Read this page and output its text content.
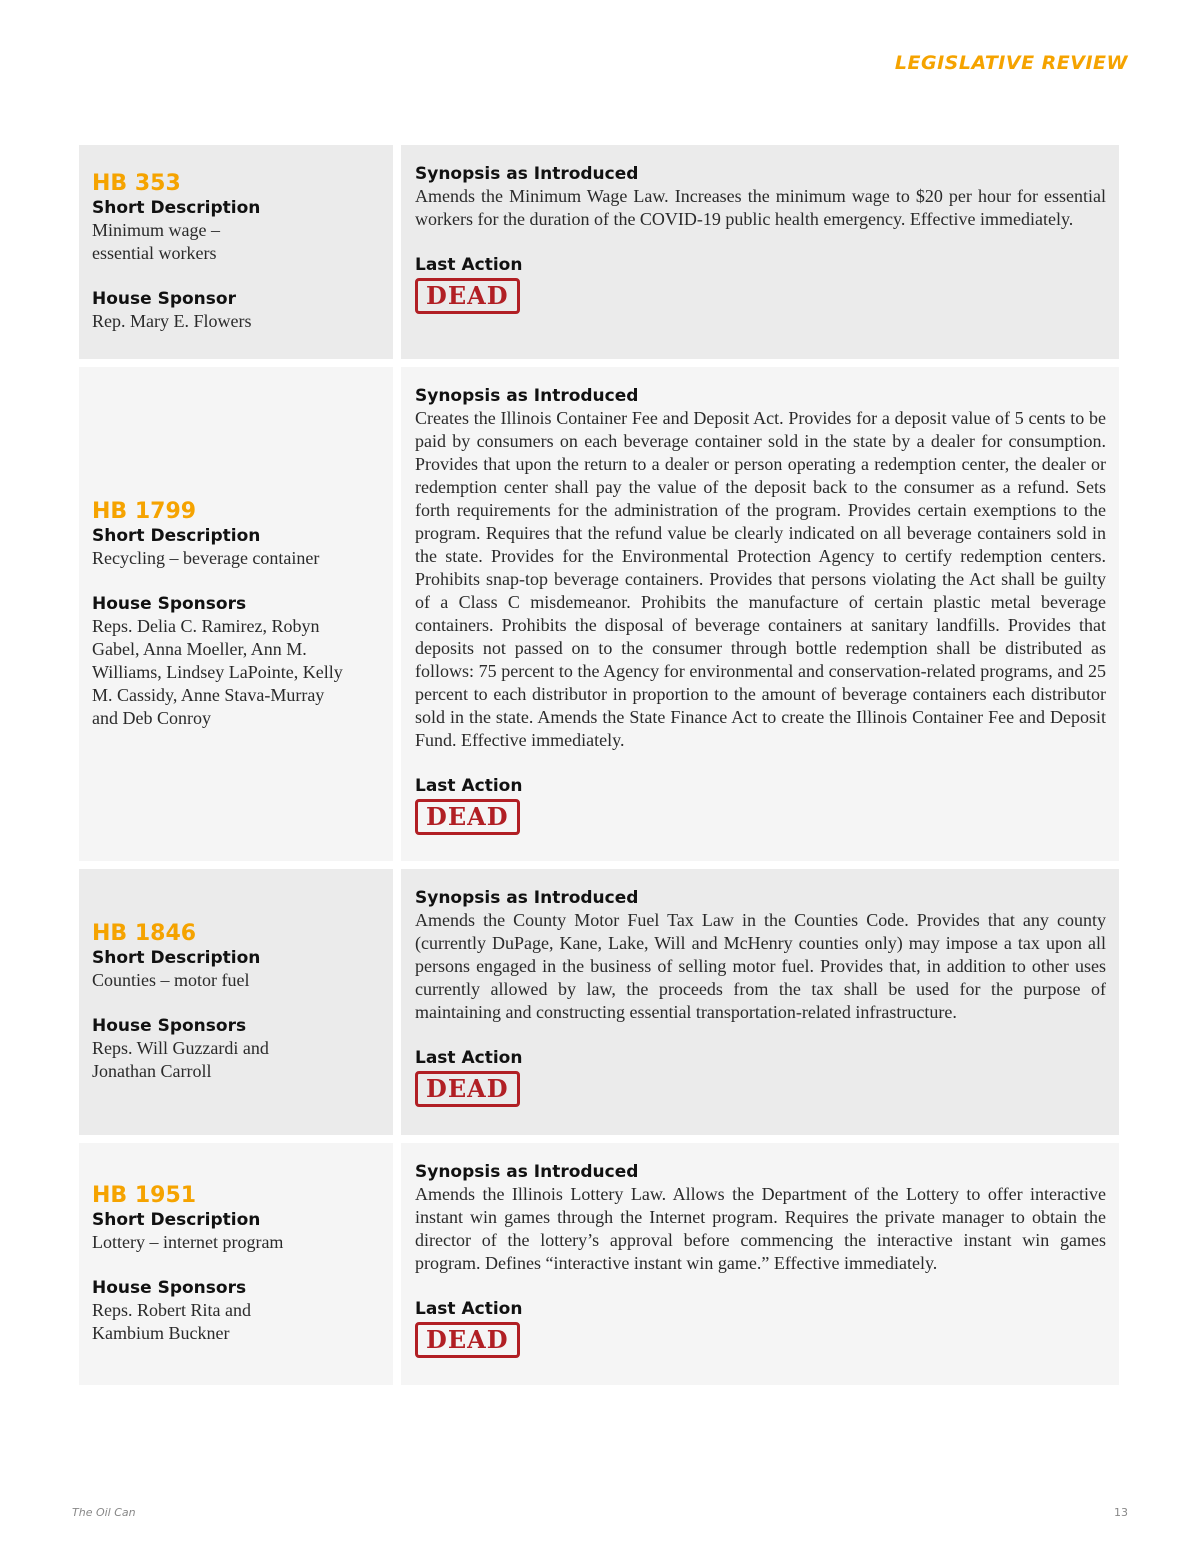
LEGISLATIVE REVIEW
HB 353
Short Description
Minimum wage –
essential workers
House Sponsor
Rep. Mary E. Flowers
Synopsis as Introduced
Amends the Minimum Wage Law. Increases the minimum wage to $20 per hour for essential workers for the duration of the COVID-19 public health emergency. Effective immediately.
Last Action
DEAD
HB 1799
Short Description
Recycling – beverage container
House Sponsors
Reps. Delia C. Ramirez, Robyn
Gabel, Anna Moeller, Ann M.
Williams, Lindsey LaPointe, Kelly
M. Cassidy, Anne Stava-Murray
and Deb Conroy
Synopsis as Introduced
Creates the Illinois Container Fee and Deposit Act. Provides for a deposit value of 5 cents to be paid by consumers on each beverage container sold in the state by a dealer for consumption. Provides that upon the return to a dealer or person operating a redemption center, the dealer or redemption center shall pay the value of the deposit back to the consumer as a refund. Sets forth requirements for the administration of the program. Provides certain exemptions to the program. Requires that the refund value be clearly indicated on all beverage containers sold in the state. Provides for the Environmental Protection Agency to certify redemption centers. Prohibits snap-top beverage containers. Provides that persons violating the Act shall be guilty of a Class C misdemeanor. Prohibits the manufacture of certain plastic metal beverage containers. Prohibits the disposal of beverage containers at sanitary landfills. Provides that deposits not passed on to the consumer through bottle redemption shall be distributed as follows: 75 percent to the Agency for environmental and conservation-related programs, and 25 percent to each distributor in proportion to the amount of beverage containers each distributor sold in the state. Amends the State Finance Act to create the Illinois Container Fee and Deposit Fund. Effective immediately.
Last Action
DEAD
HB 1846
Short Description
Counties – motor fuel
House Sponsors
Reps. Will Guzzardi and
Jonathan Carroll
Synopsis as Introduced
Amends the County Motor Fuel Tax Law in the Counties Code. Provides that any county (currently DuPage, Kane, Lake, Will and McHenry counties only) may impose a tax upon all persons engaged in the business of selling motor fuel. Provides that, in addition to other uses currently allowed by law, the proceeds from the tax shall be used for the purpose of maintaining and constructing essential transportation-related infrastructure.
Last Action
DEAD
HB 1951
Short Description
Lottery – internet program
House Sponsors
Reps. Robert Rita and
Kambium Buckner
Synopsis as Introduced
Amends the Illinois Lottery Law. Allows the Department of the Lottery to offer interactive instant win games through the Internet program. Requires the private manager to obtain the director of the lottery’s approval before commencing the interactive instant win games program. Defines “interactive instant win game.” Effective immediately.
Last Action
DEAD
The Oil Can	13
